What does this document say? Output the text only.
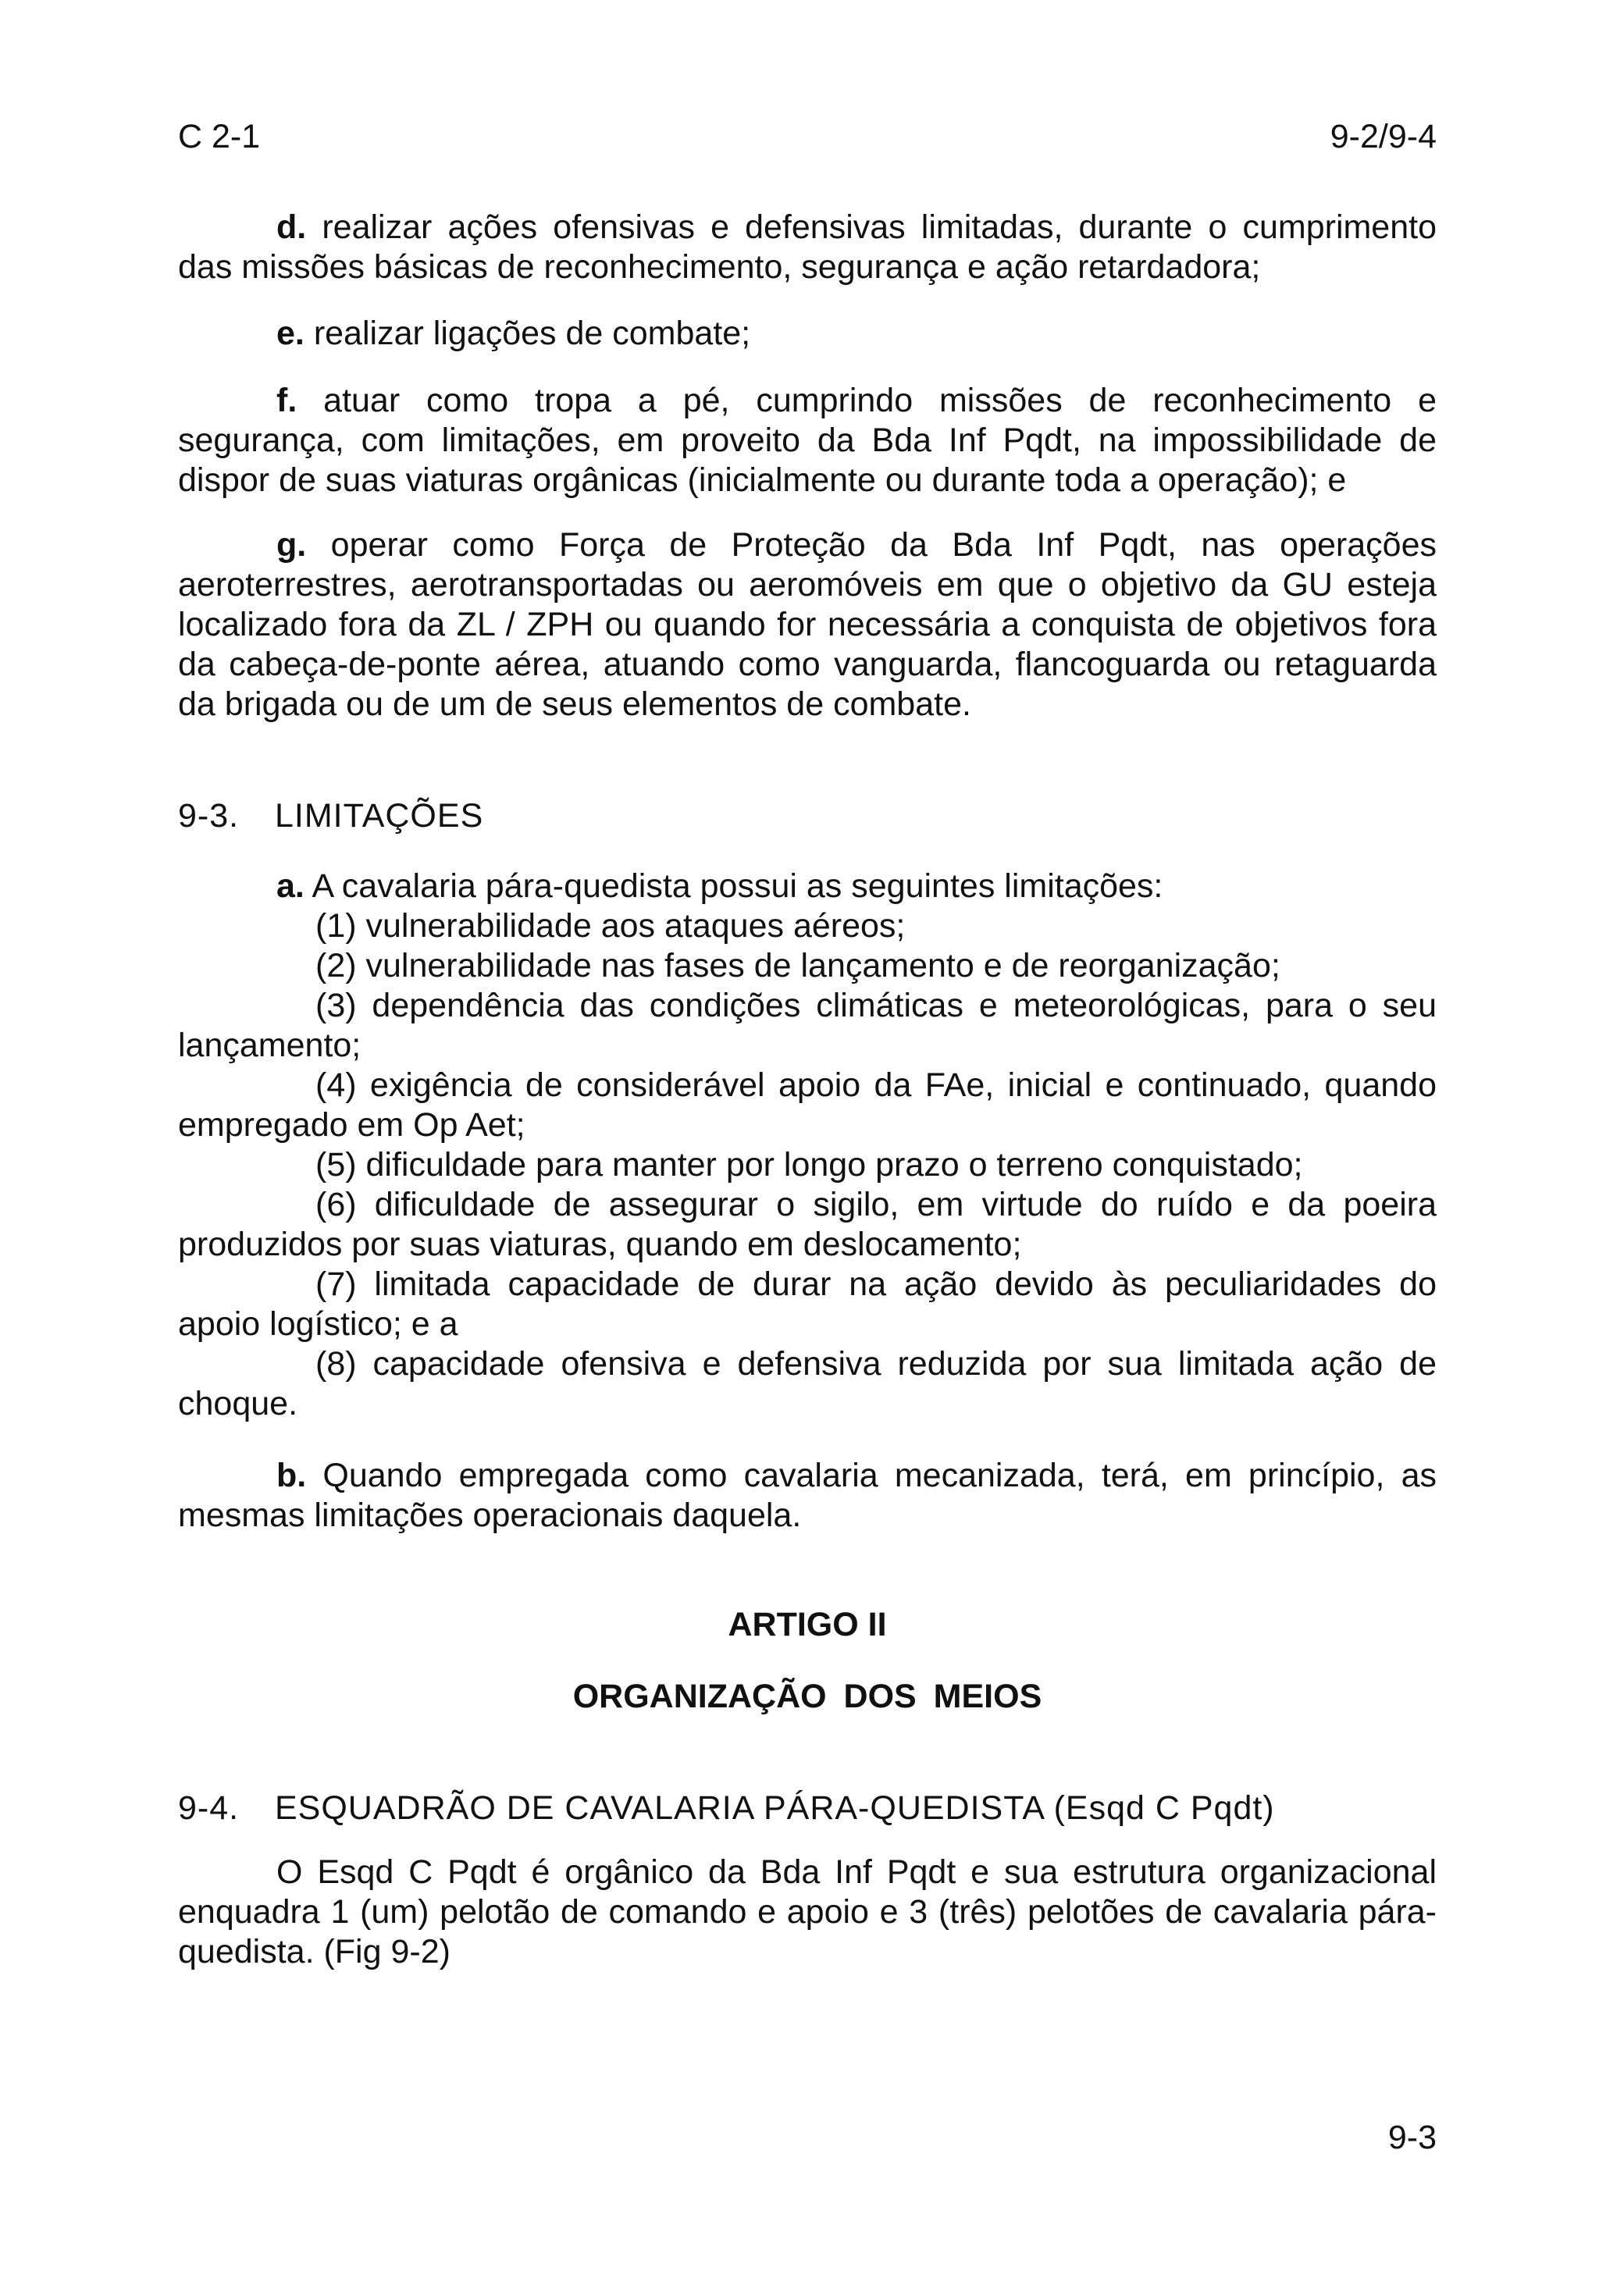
C 2-1	9-2/9-4

d. realizar ações ofensivas e defensivas limitadas, durante o cumprimento das missões básicas de reconhecimento, segurança e ação retardadora;

e. realizar ligações de combate;

f. atuar como tropa a pé, cumprindo missões de reconhecimento e segurança, com limitações, em proveito da Bda Inf Pqdt, na impossibilidade de dispor de suas viaturas orgânicas (inicialmente ou durante toda a operação); e

g. operar como Força de Proteção da Bda Inf Pqdt, nas operações aeroterrestres, aerotransportadas ou aeromóveis em que o objetivo da GU esteja localizado fora da ZL / ZPH ou quando for necessária a conquista de objetivos fora da cabeça-de-ponte aérea, atuando como vanguarda, flancoguarda ou retaguarda da brigada ou de um de seus elementos de combate.

9-3. LIMITAÇÕES

a. A cavalaria pára-quedista possui as seguintes limitações:

(1) vulnerabilidade aos ataques aéreos;

(2) vulnerabilidade nas fases de lançamento e de reorganização;

(3) dependência das condições climáticas e meteorológicas, para o seu lançamento;

(4) exigência de considerável apoio da FAe, inicial e continuado, quando empregado em Op Aet;

(5) dificuldade para manter por longo prazo o terreno conquistado;

(6) dificuldade de assegurar o sigilo, em virtude do ruído e da poeira produzidos por suas viaturas, quando em deslocamento;

(7) limitada capacidade de durar na ação devido às peculiaridades do apoio logístico; e a

(8) capacidade ofensiva e defensiva reduzida por sua limitada ação de choque.

b. Quando empregada como cavalaria mecanizada, terá, em princípio, as mesmas limitações operacionais daquela.

ARTIGO II
ORGANIZAÇÃO DOS MEIOS
9-4. ESQUADRÃO DE CAVALARIA PÁRA-QUEDISTA (Esqd C Pqdt)

O Esqd C Pqdt é orgânico da Bda Inf Pqdt e sua estrutura organizacional enquadra 1 (um) pelotão de comando e apoio e 3 (três) pelotões de cavalaria pára-quedista. (Fig 9-2)

9-3
